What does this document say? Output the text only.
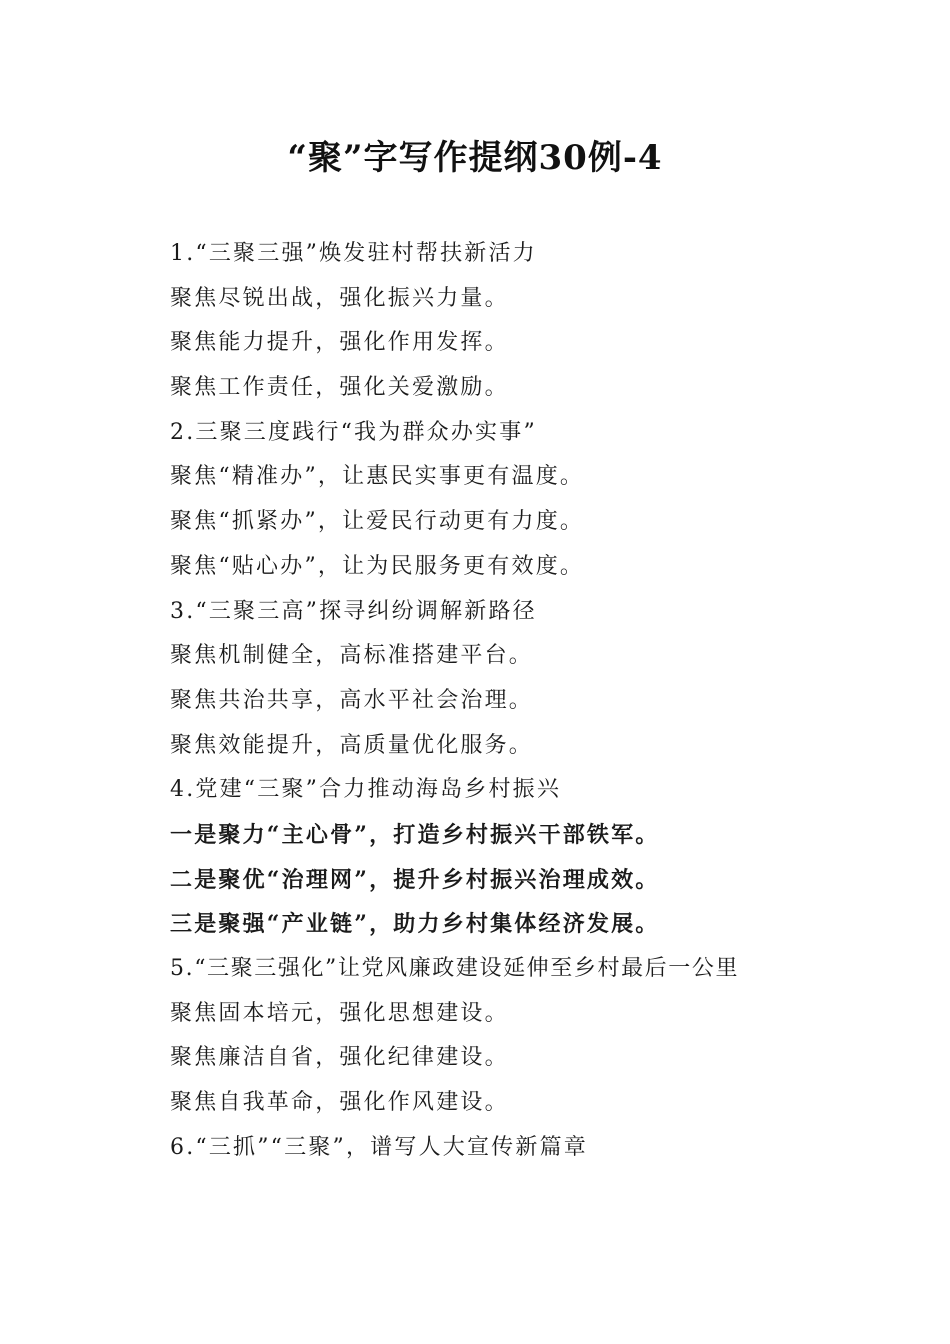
“聚”字写作提纲30例-4
1.“三聚三强”焕发驻村帮扶新活力
聚焦尽锐出战，强化振兴力量。
聚焦能力提升，强化作用发挥。
聚焦工作责任，强化关爱激励。
2.三聚三度践行“我为群众办实事”
聚焦“精准办”，让惠民实事更有温度。
聚焦“抓紧办”，让爱民行动更有力度。
聚焦“贴心办”，让为民服务更有效度。
3.“三聚三高”探寻纠纷调解新路径
聚焦机制健全，高标准搭建平台。
聚焦共治共享，高水平社会治理。
聚焦效能提升，高质量优化服务。
4.党建“三聚”合力推动海岛乡村振兴
一是聚力“主心骨”，打造乡村振兴干部铁军。
二是聚优“治理网”，提升乡村振兴治理成效。
三是聚强“产业链”，助力乡村集体经济发展。
5.“三聚三强化”让党风廉政建设延伸至乡村最后一公里
聚焦固本培元，强化思想建设。
聚焦廉洁自省，强化纪律建设。
聚焦自我革命，强化作风建设。
6.“三抓”“三聚”，谱写人大宣传新篇章
